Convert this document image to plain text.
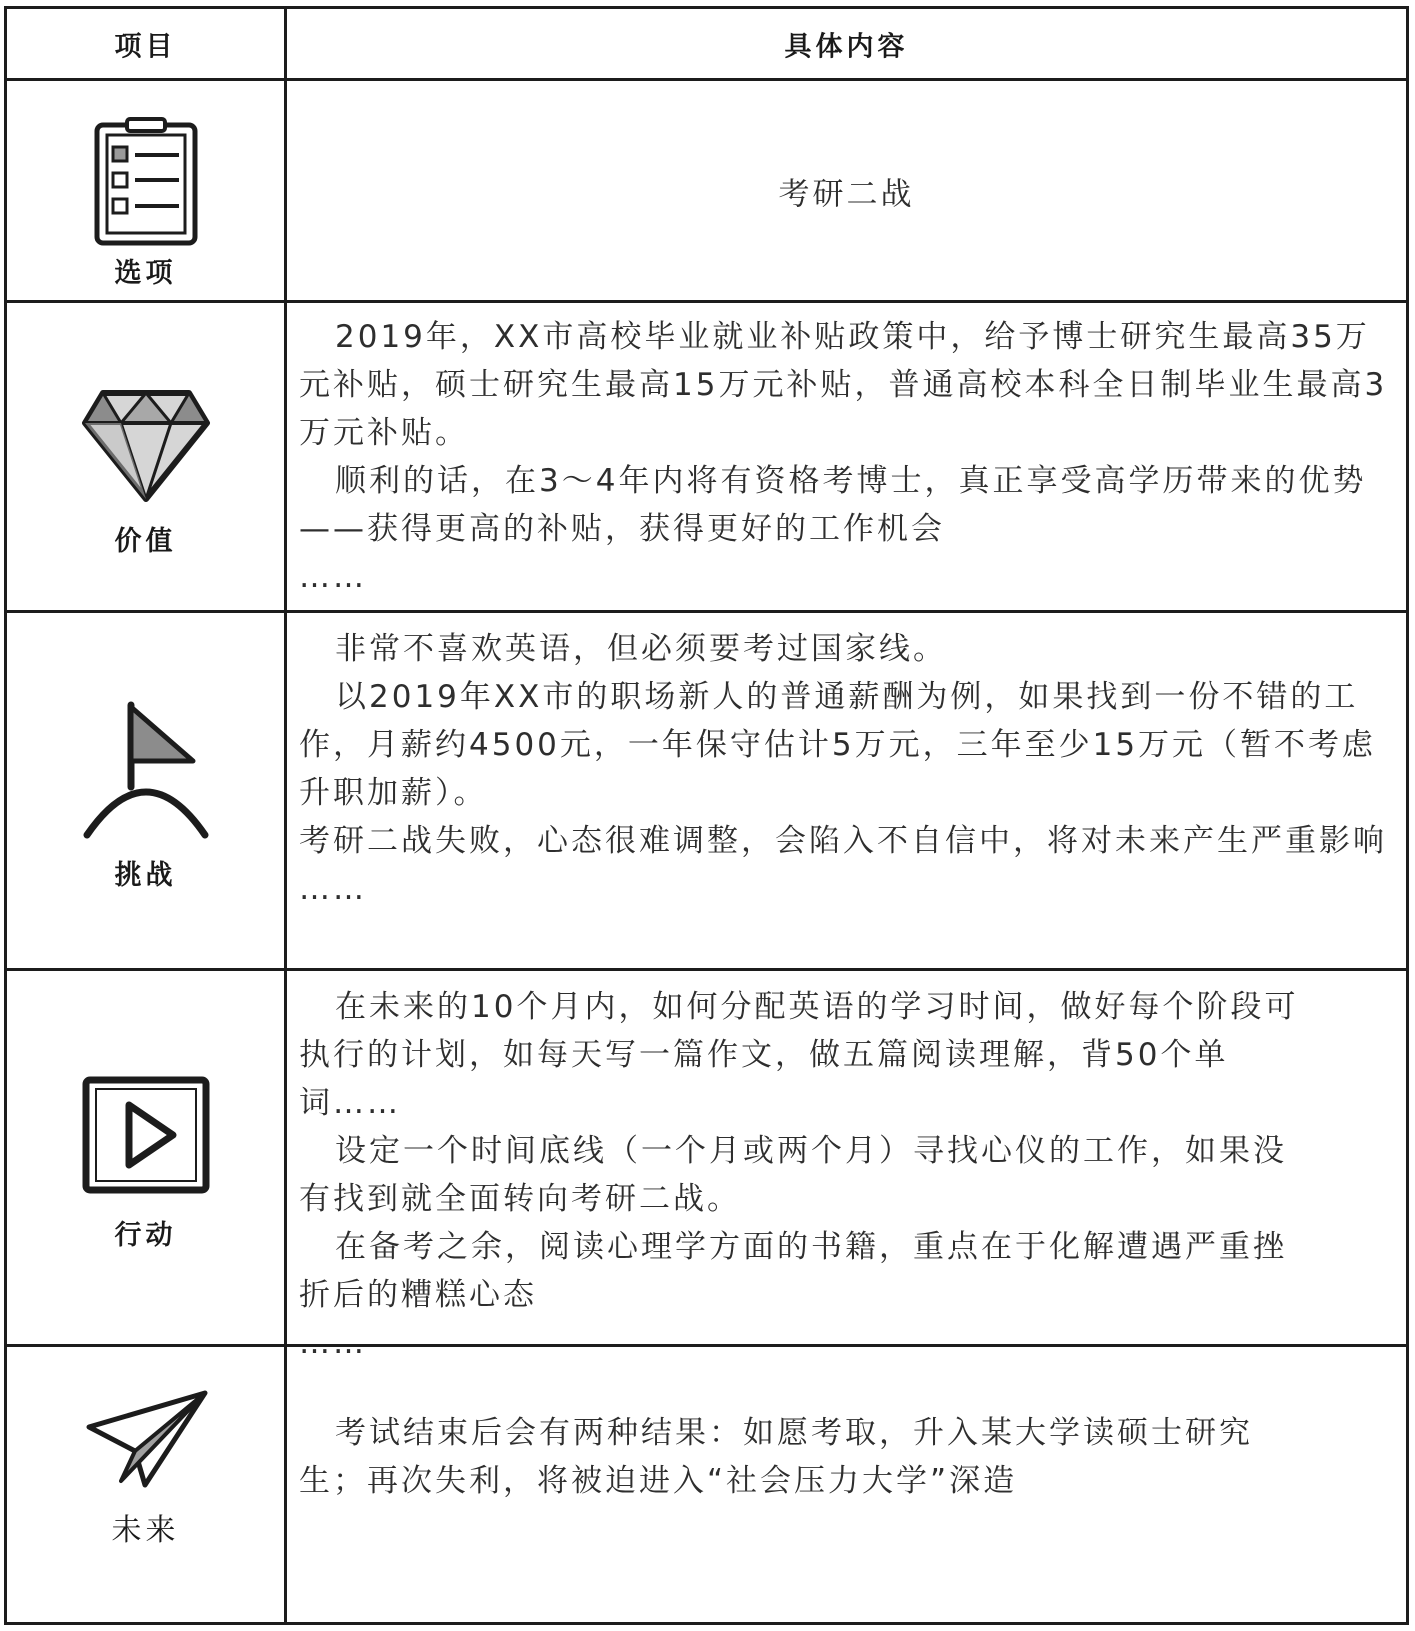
项目	具体内容
选项
考研二战
价值

2019年，XX市高校毕业就业补贴政策中，给予博士研究生最高35万元补贴，硕士研究生最高15万元补贴，普通高校本科全日制毕业生最高3万元补贴。

顺利的话，在3～4年内将有资格考博士，真正享受高学历带来的优势——获得更高的补贴，获得更好的工作机会

……

挑战

非常不喜欢英语，但必须要考过国家线。

以2019年XX市的职场新人的普通薪酬为例，如果找到一份不错的工作，月薪约4500元，一年保守估计5万元，三年至少15万元（暂不考虑升职加薪）。

考研二战失败，心态很难调整，会陷入不自信中，将对未来产生严重影响

……

行动

在未来的10个月内，如何分配英语的学习时间，做好每个阶段可执行的计划，如每天写一篇作文，做五篇阅读理解，背50个单词……

设定一个时间底线（一个月或两个月）寻找心仪的工作，如果没有找到就全面转向考研二战。

在备考之余，阅读心理学方面的书籍，重点在于化解遭遇严重挫折后的糟糕心态

……

未来

考试结束后会有两种结果：如愿考取，升入某大学读硕士研究生；再次失利，将被迫进入“社会压力大学”深造
